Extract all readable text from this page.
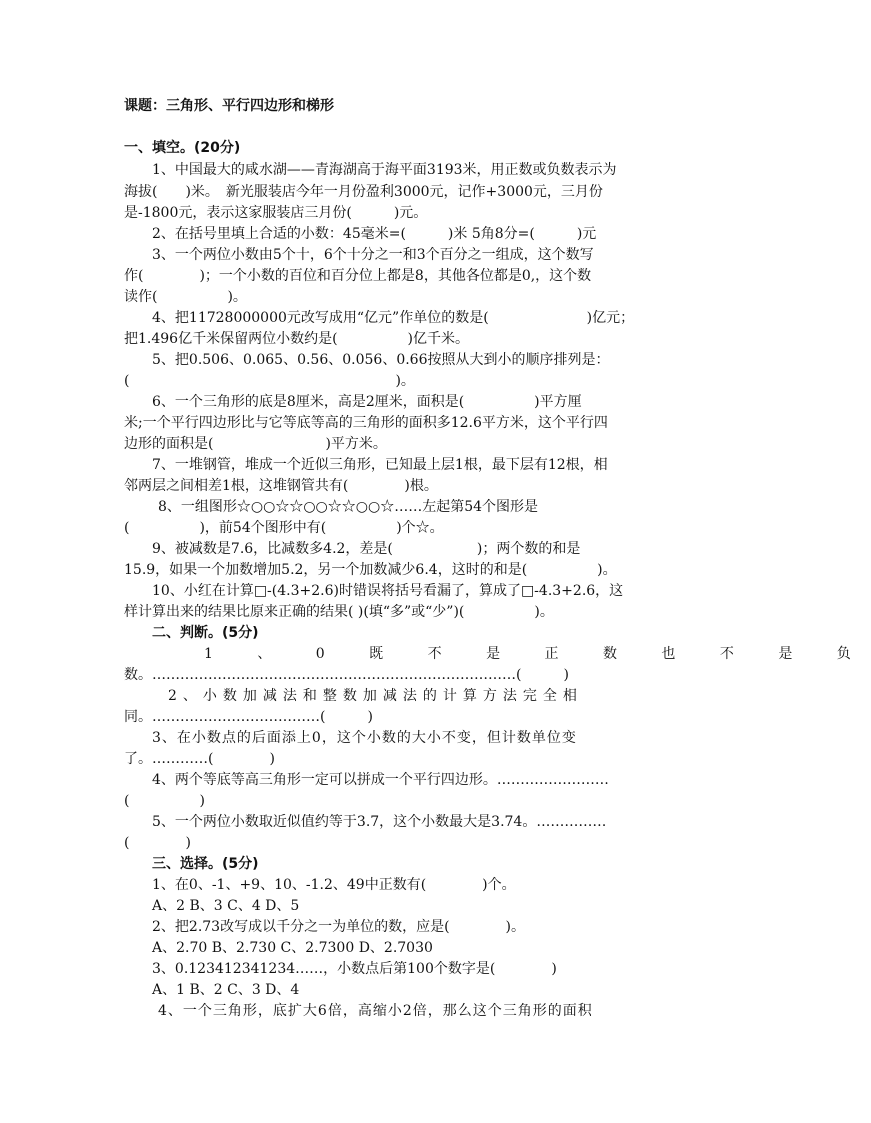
课题：三角形、平行四边形和梯形
一、填空。(20分)
1、中国最大的咸水湖——青海湖高于海平面3193米，用正数或负数表示为
海拔(　　)米。　新光服装店今年一月份盈利3000元，记作+3000元，三月份
是-1800元，表示这家服装店三月份(　　　)元。
2、在括号里填上合适的小数：45毫米=(　　　)米 5角8分=(　　　)元
3、一个两位小数由5个十，6个十分之一和3个百分之一组成，这个数写
作(　　　　)；一个小数的百位和百分位上都是8，其他各位都是0,，这个数
读作(　　　　　)。
4、把11728000000元改写成用“亿元”作单位的数是(　　　　　　　)亿元；
把1.496亿千米保留两位小数约是(　　　　　)亿千米。
5、把0.506、0.065、0.56、0.056、0.66按照从大到小的顺序排列是：
(　　　　　　　　　　　　　　　　　　　)。
6、一个三角形的底是8厘米，高是2厘米，面积是(　　　　　)平方厘
米;一个平行四边形比与它等底等高的三角形的面积多12.6平方米，这个平行四
边形的面积是(　　　　　　　　)平方米。
7、一堆钢管，堆成一个近似三角形，已知最上层1根，最下层有12根，相
邻两层之间相差1根，这堆钢管共有(　　　　)根。
8、一组图形☆○○☆☆○○☆☆○○☆……左起第54个图形是
(　　　　　)，前54个图形中有(　　　　　)个☆。
9、被减数是7.6，比减数多4.2，差是(　　　　　　)；两个数的和是
15.9，如果一个加数增加5.2，另一个加数减少6.4，这时的和是(　　　　　)。
10、小红在计算□-(4.3+2.6)时错误将括号看漏了，算成了□-4.3+2.6，这
样计算出来的结果比原来正确的结果( )(填“多”或“少”)(　　　　　)。
二、判断。(5分)
1 、 0 既 不 是 正 数 也 不 是 负
数。……………………………………………………………………(　　　)
2、小数加减法和整数加减法的计算方法完全相
同。………………………………(　　　)
3、在小数点的后面添上0，这个小数的大小不变，但计数单位变
了。…………(　　　　)
4、两个等底等高三角形一定可以拼成一个平行四边形。……………………
(　　　　　)
5、一个两位小数取近似值约等于3.7，这个小数最大是3.74。……………
(　　　　)
三、选择。(5分)
1、在0、-1、+9、10、-1.2、49中正数有(　　　　)个。
A、2 B、3 C、4 D、5
2、把2.73改写成以千分之一为单位的数，应是(　　　　)。
A、2.70 B、2.730 C、2.7300 D、2.7030
3、0.123412341234……，小数点后第100个数字是(　　　　)
A、1 B、2 C、3 D、4
4、一个三角形，底扩大6倍，高缩小2倍，那么这个三角形的面积
